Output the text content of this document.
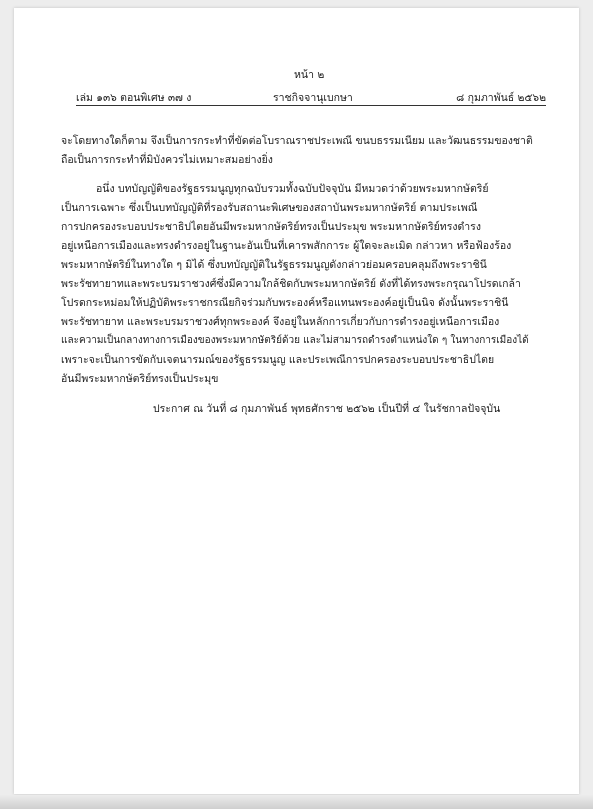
หน้า ๒
เล่ม ๑๓๖ ตอนพิเศษ ๓๗ ง	ราชกิจจานุเบกษา	๘ กุมภาพันธ์ ๒๕๖๒
จะโดยทางใดก็ตาม จึงเป็นการกระทำที่ขัดต่อโบราณราชประเพณี ขนบธรรมเนียม และวัฒนธรรมของชาติ
ถือเป็นการกระทำที่มิบังควรไม่เหมาะสมอย่างยิ่ง
อนึ่ง บทบัญญัติของรัฐธรรมนูญทุกฉบับรวมทั้งฉบับปัจจุบัน มีหมวดว่าด้วยพระมหากษัตริย์
เป็นการเฉพาะ ซึ่งเป็นบทบัญญัติที่รองรับสถานะพิเศษของสถาบันพระมหากษัตริย์ ตามประเพณี
การปกครองระบอบประชาธิปไตยอันมีพระมหากษัตริย์ทรงเป็นประมุข พระมหากษัตริย์ทรงดำรง
อยู่เหนือการเมืองและทรงดำรงอยู่ในฐานะอันเป็นที่เคารพสักการะ ผู้ใดจะละเมิด กล่าวหา หรือฟ้องร้อง
พระมหากษัตริย์ในทางใด ๆ มิได้ ซึ่งบทบัญญัติในรัฐธรรมนูญดังกล่าวย่อมครอบคลุมถึงพระราชินี
พระรัชทายาทและพระบรมราชวงศ์ซึ่งมีความใกล้ชิดกับพระมหากษัตริย์ ดังที่ได้ทรงพระกรุณาโปรดเกล้า
โปรดกระหม่อมให้ปฏิบัติพระราชกรณียกิจร่วมกับพระองค์หรือแทนพระองค์อยู่เป็นนิจ ดังนั้นพระราชินี
พระรัชทายาท และพระบรมราชวงศ์ทุกพระองค์ จึงอยู่ในหลักการเกี่ยวกับการดำรงอยู่เหนือการเมือง
และความเป็นกลางทางการเมืองของพระมหากษัตริย์ด้วย และไม่สามารถดำรงตำแหน่งใด ๆ ในทางการเมืองได้
เพราะจะเป็นการขัดกับเจตนารมณ์ของรัฐธรรมนูญ และประเพณีการปกครองระบอบประชาธิปไตย
อันมีพระมหากษัตริย์ทรงเป็นประมุข
ประกาศ ณ วันที่ ๘ กุมภาพันธ์ พุทธศักราช ๒๕๖๒ เป็นปีที่ ๔ ในรัชกาลปัจจุบัน
